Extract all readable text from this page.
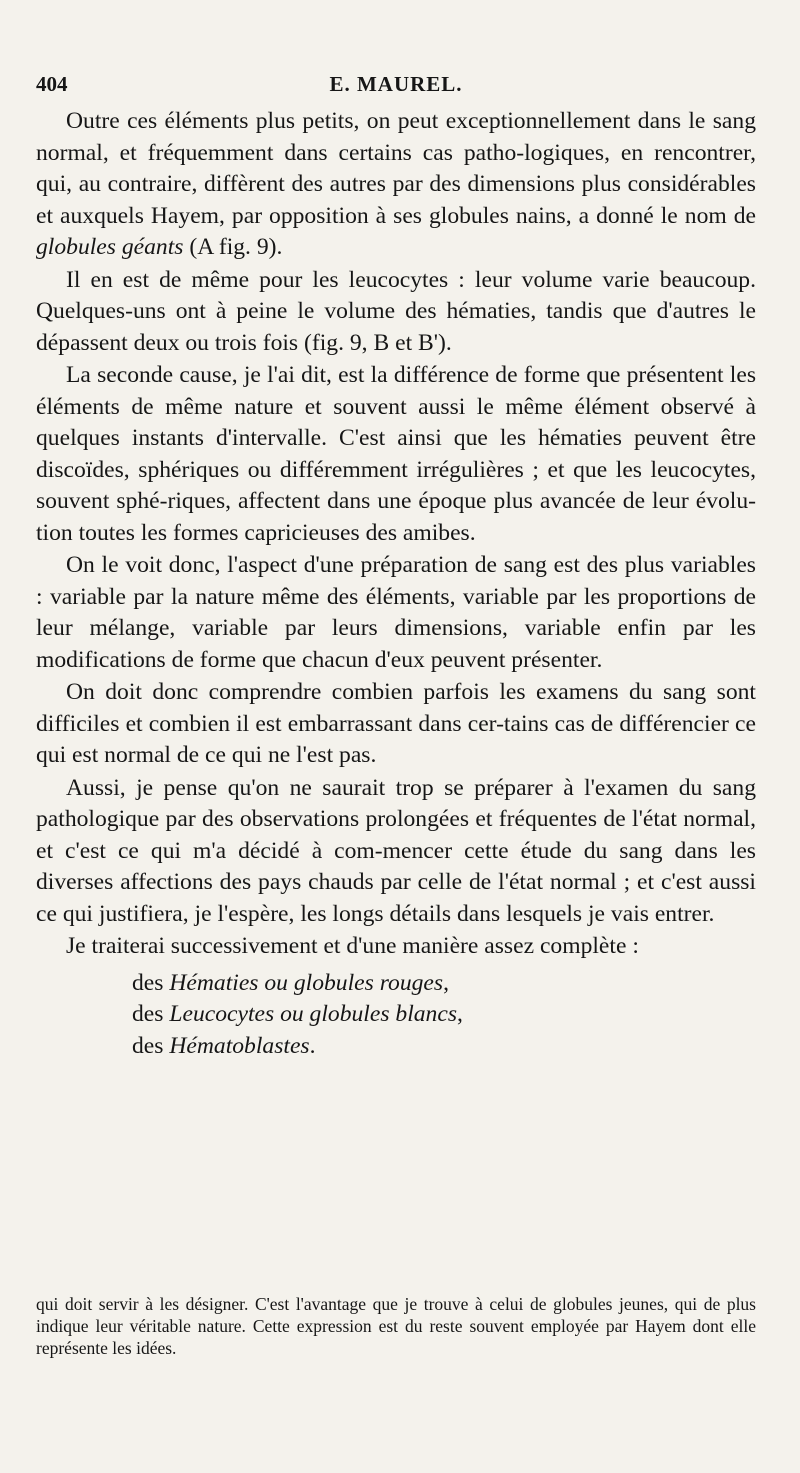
404	E. MAUREL.

Outre ces éléments plus petits, on peut exceptionnellement dans le sang normal, et fréquemment dans certains cas patho-logiques, en rencontrer, qui, au contraire, diffèrent des autres par des dimensions plus considérables et auxquels Hayem, par opposition à ses globules nains, a donné le nom de globules géants (A fig. 9).

Il en est de même pour les leucocytes : leur volume varie beaucoup. Quelques-uns ont à peine le volume des hématies, tandis que d'autres le dépassent deux ou trois fois (fig. 9, B et B').

La seconde cause, je l'ai dit, est la différence de forme que présentent les éléments de même nature et souvent aussi le même élément observé à quelques instants d'intervalle. C'est ainsi que les hématies peuvent être discoïdes, sphériques ou différemment irrégulières ; et que les leucocytes, souvent sphé-riques, affectent dans une époque plus avancée de leur évolu-tion toutes les formes capricieuses des amibes.

On le voit donc, l'aspect d'une préparation de sang est des plus variables : variable par la nature même des éléments, variable par les proportions de leur mélange, variable par leurs dimensions, variable enfin par les modifications de forme que chacun d'eux peuvent présenter.

On doit donc comprendre combien parfois les examens du sang sont difficiles et combien il est embarrassant dans cer-tains cas de différencier ce qui est normal de ce qui ne l'est pas.

Aussi, je pense qu'on ne saurait trop se préparer à l'examen du sang pathologique par des observations prolongées et fréquentes de l'état normal, et c'est ce qui m'a décidé à com-mencer cette étude du sang dans les diverses affections des pays chauds par celle de l'état normal ; et c'est aussi ce qui justifiera, je l'espère, les longs détails dans lesquels je vais entrer.

Je traiterai successivement et d'une manière assez complète :

des Hématies ou globules rouges,
des Leucocytes ou globules blancs,
des Hématoblastes.
qui doit servir à les désigner. C'est l'avantage que je trouve à celui de globules jeunes, qui de plus indique leur véritable nature. Cette expression est du reste souvent employée par Hayem dont elle représente les idées.
